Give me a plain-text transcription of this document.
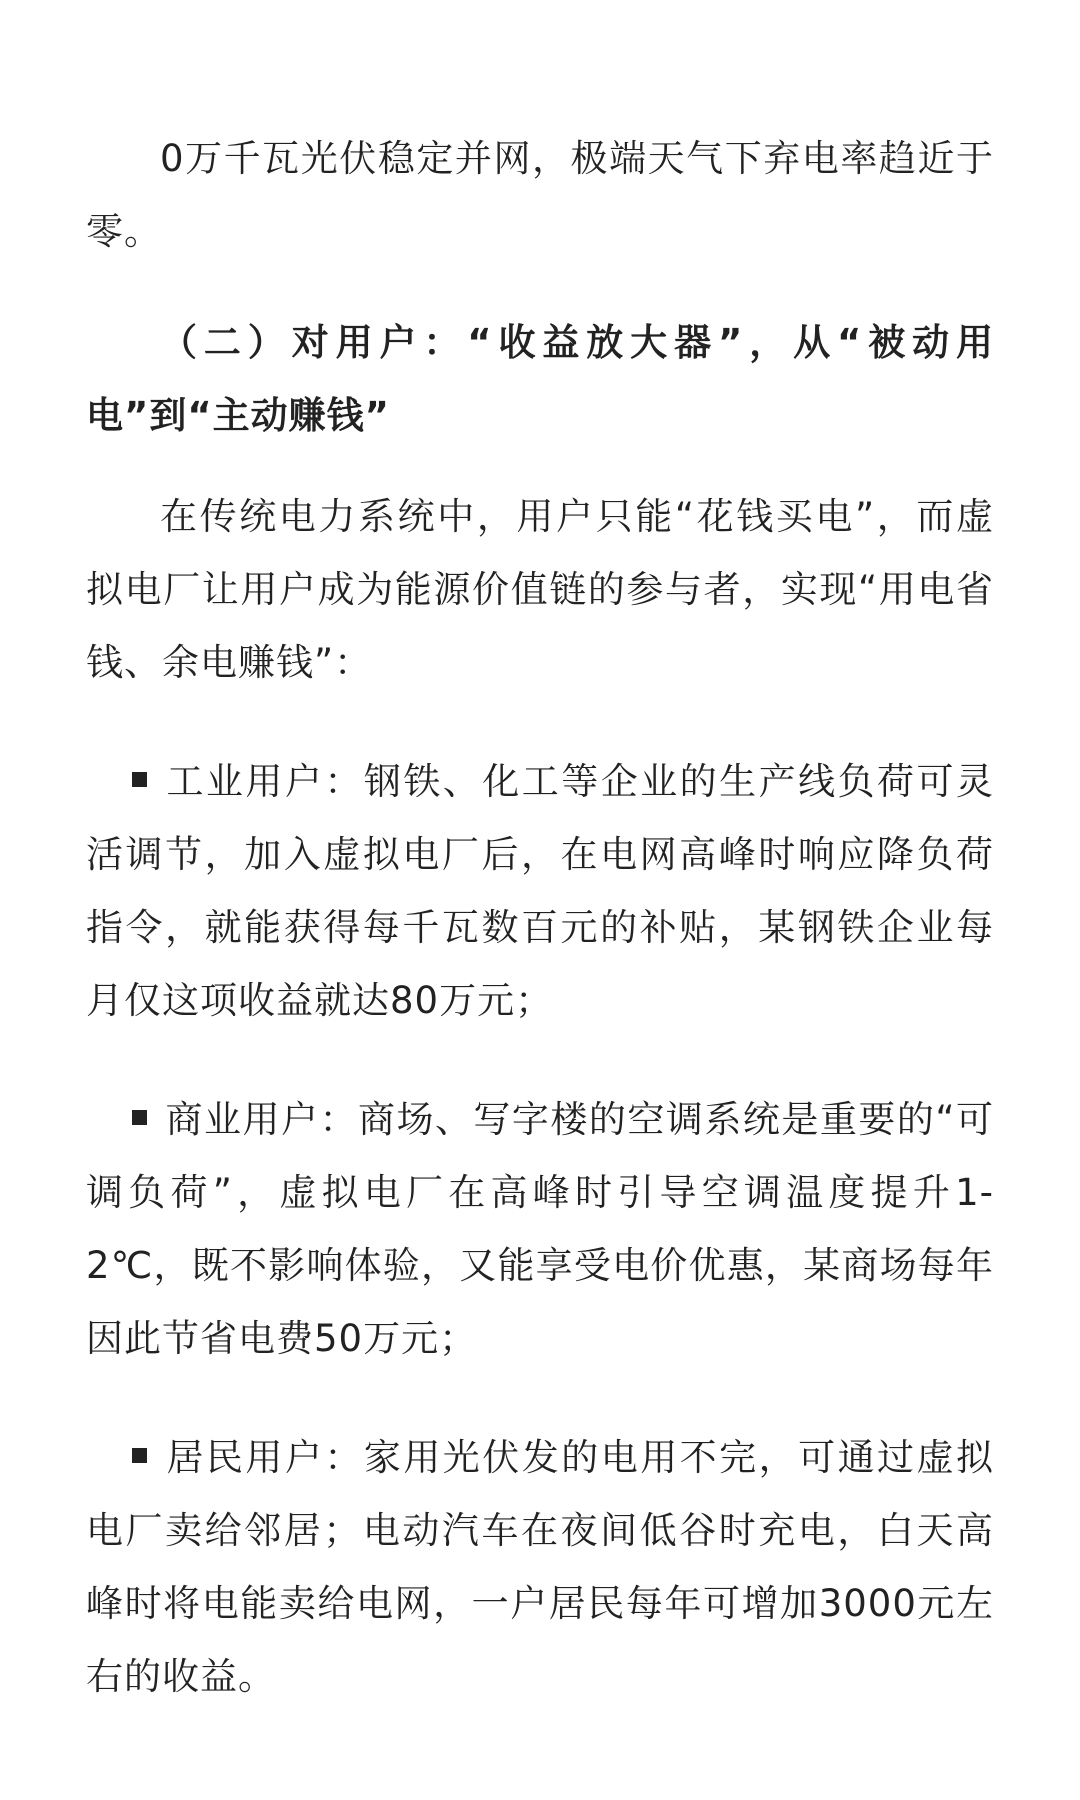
0万千瓦光伏稳定并网，极端天气下弃电率趋近于零。

（二）对用户：“收益放大器”，从“被动用电”到“主动赚钱”

在传统电力系统中，用户只能“花钱买电”，而虚拟电厂让用户成为能源价值链的参与者，实现“用电省钱、余电赚钱”：

工业用户：钢铁、化工等企业的生产线负荷可灵活调节，加入虚拟电厂后，在电网高峰时响应降负荷指令，就能获得每千瓦数百元的补贴，某钢铁企业每月仅这项收益就达80万元；

商业用户：商场、写字楼的空调系统是重要的“可调负荷”，虚拟电厂在高峰时引导空调温度提升1-2℃，既不影响体验，又能享受电价优惠，某商场每年因此节省电费50万元；

居民用户：家用光伏发的电用不完，可通过虚拟电厂卖给邻居；电动汽车在夜间低谷时充电，白天高峰时将电能卖给电网，一户居民每年可增加3000元左右的收益。
